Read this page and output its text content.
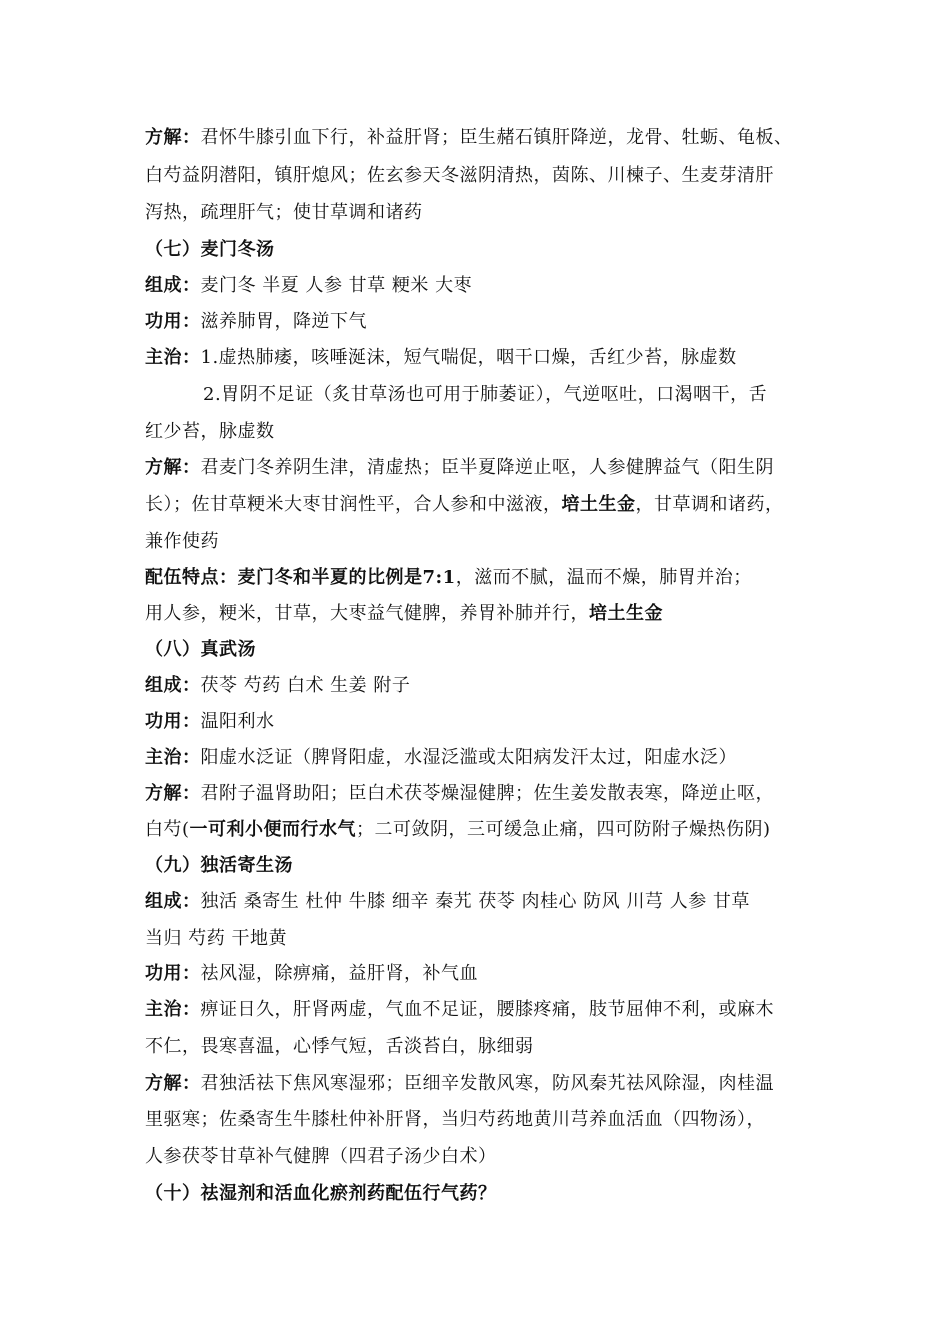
方解：君怀牛膝引血下行，补益肝肾；臣生赭石镇肝降逆，龙骨、牡蛎、龟板、
白芍益阴潜阳，镇肝熄风；佐玄参天冬滋阴清热，茵陈、川楝子、生麦芽清肝
泻热，疏理肝气；使甘草调和诸药
（七）麦门冬汤
组成：麦门冬 半夏 人参 甘草 粳米 大枣
功用：滋养肺胃，降逆下气
主治：1.虚热肺痿，咳唾涎沫，短气喘促，咽干口燥，舌红少苔，脉虚数
2.胃阴不足证（炙甘草汤也可用于肺萎证），气逆呕吐，口渴咽干，舌
红少苔，脉虚数
方解：君麦门冬养阴生津，清虚热；臣半夏降逆止呕，人参健脾益气（阳生阴
长）；佐甘草粳米大枣甘润性平，合人参和中滋液，培土生金，甘草调和诸药，
兼作使药
配伍特点：麦门冬和半夏的比例是7:1，滋而不腻，温而不燥，肺胃并治；
用人参，粳米，甘草，大枣益气健脾，养胃补肺并行，培土生金
（八）真武汤
组成：茯苓 芍药 白术 生姜 附子
功用：温阳利水
主治：阳虚水泛证（脾肾阳虚，水湿泛滥或太阳病发汗太过，阳虚水泛）
方解：君附子温肾助阳；臣白术茯苓燥湿健脾；佐生姜发散表寒，降逆止呕，
白芍(一可利小便而行水气；二可敛阴，三可缓急止痛，四可防附子燥热伤阴)
（九）独活寄生汤
组成：独活 桑寄生 杜仲 牛膝 细辛 秦艽 茯苓 肉桂心 防风 川芎 人参 甘草
当归 芍药 干地黄
功用：祛风湿，除痹痛，益肝肾，补气血
主治：痹证日久，肝肾两虚，气血不足证，腰膝疼痛，肢节屈伸不利，或麻木
不仁，畏寒喜温，心悸气短，舌淡苔白，脉细弱
方解：君独活祛下焦风寒湿邪；臣细辛发散风寒，防风秦艽祛风除湿，肉桂温
里驱寒；佐桑寄生牛膝杜仲补肝肾，当归芍药地黄川芎养血活血（四物汤），
人参茯苓甘草补气健脾（四君子汤少白术）
（十）祛湿剂和活血化瘀剂药配伍行气药？
